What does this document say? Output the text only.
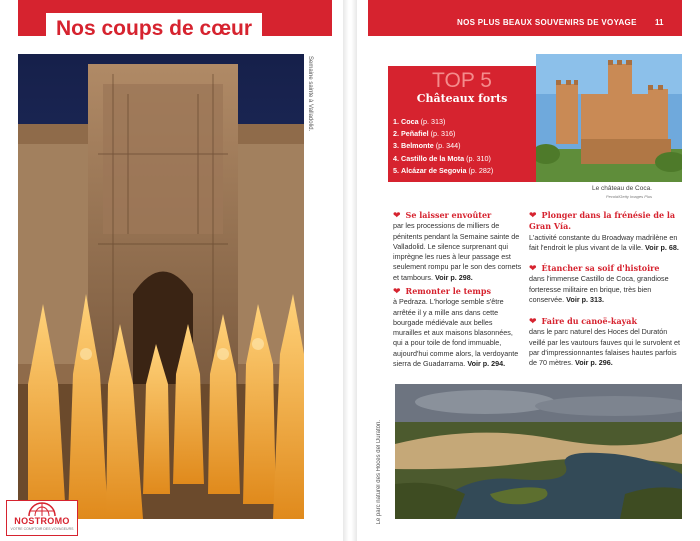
Nos coups de cœur
Semaine sainte à Valladolid.
NOSTROMO
VOTRE COMPTOIR DES VOYAGEURS
NOS PLUS BEAUX SOUVENIRS DE VOYAGE 11
TOP 5
Châteaux forts
1. Coca (p. 313)
2. Peñafiel (p. 316)
3. Belmonte (p. 344)
4. Castillo de la Mota (p. 310)
5. Alcázar de Segovia (p. 282)
Le château de Coca.
Pecold/Getty Images Plus
❤ Se laisser envoûter
par les processions de milliers de pénitents pendant la Semaine sainte de Valladolid. Le silence surprenant qui imprègne les rues à leur passage est seulement rompu par le son des cornets et tambours. Voir p. 298.
❤ Remonter le temps
à Pedraza. L'horloge semble s'être arrêtée il y a mille ans dans cette bourgade médiévale aux belles murailles et aux maisons blasonnées, qui a pour toile de fond immuable, aujourd'hui comme alors, la verdoyante sierra de Guadarrama. Voir p. 294.
❤ Plonger dans la frénésie de la Gran Vía.
L'activité constante du Broadway madrilène en fait l'endroit le plus vivant de la ville. Voir p. 68.
❤ Étancher sa soif d'histoire
dans l'immense Castillo de Coca, grandiose forteresse militaire en brique, très bien conservée. Voir p. 313.
❤ Faire du canoë-kayak
dans le parc naturel des Hoces del Duratón veillé par les vautours fauves qui le survolent et par d'impressionnantes falaises hautes parfois de 70 mètres. Voir p. 296.
Le parc naturel des Hoces del Duratón.
